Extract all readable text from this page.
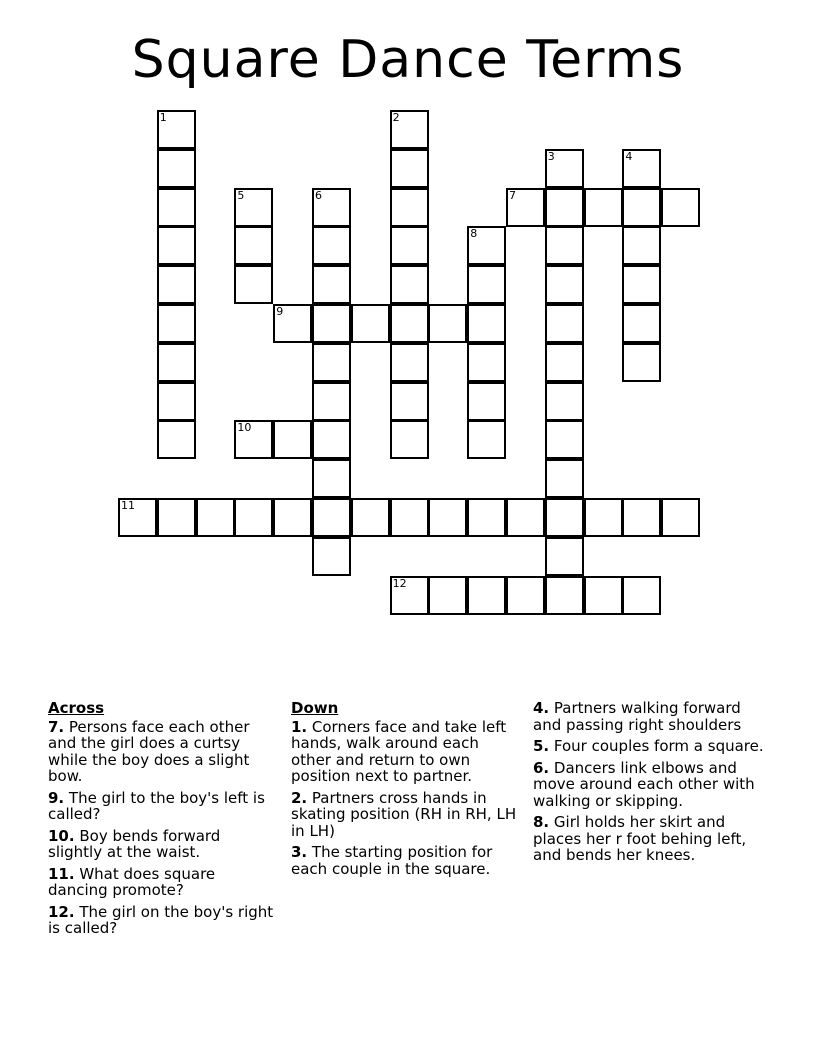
Square Dance Terms
1	2
3	4
5	6	7
8
9
10
11
12
Across
7. Persons face each other and the girl does a curtsy while the boy does a slight bow.
9. The girl to the boy's left is called?
10. Boy bends forward slightly at the waist.
11. What does square dancing promote?
12. The girl on the boy's right is called?
Down
1. Corners face and take left hands, walk around each other and return to own position next to partner.
2. Partners cross hands in skating position (RH in RH, LH in LH)
3. The starting position for each couple in the square.
4. Partners walking forward and passing right shoulders
5. Four couples form a square.
6. Dancers link elbows and move around each other with walking or skipping.
8. Girl holds her skirt and places her r foot behing left, and bends her knees.
